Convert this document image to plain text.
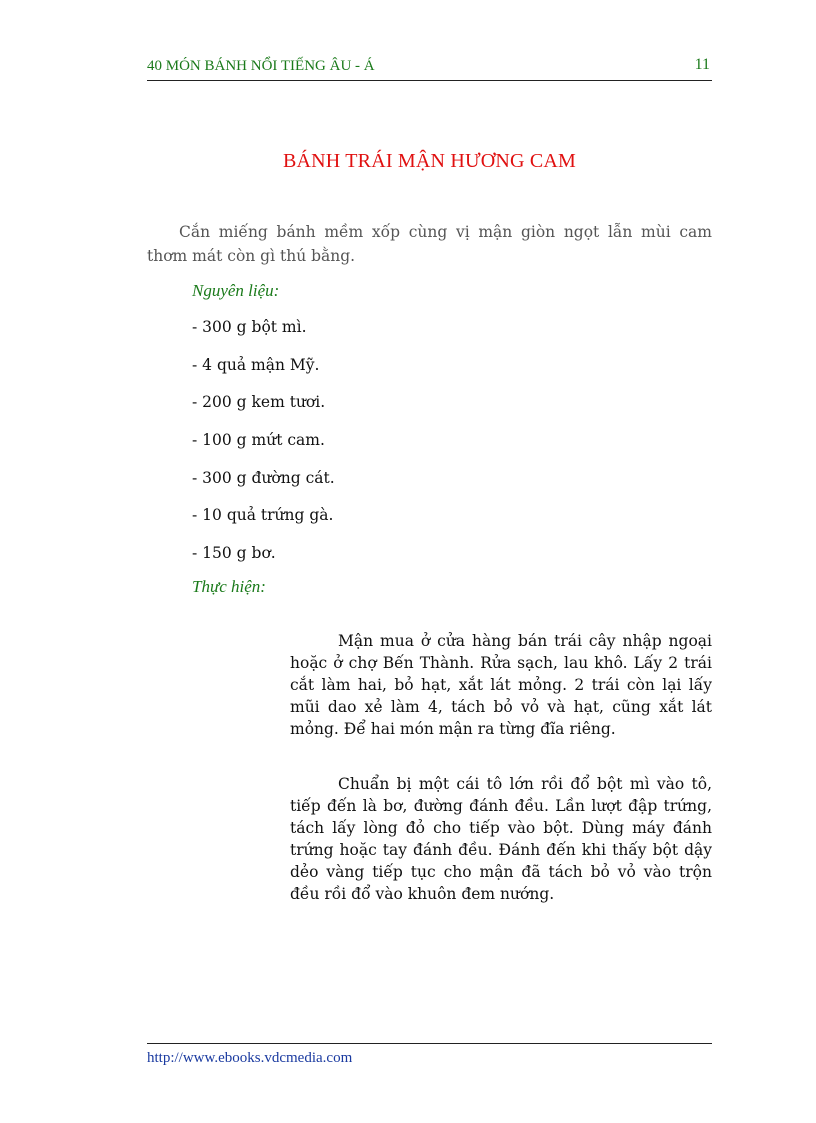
40 MÓN BÁNH NỔI TIẾNG ÂU - Á	11
BÁNH TRÁI MẬN HƯƠNG CAM

Cắn miếng bánh mềm xốp cùng vị mận giòn ngọt lẫn mùi cam thơm mát còn gì thú bằng.

Nguyên liệu:
- 300 g bột mì.
- 4 quả mận Mỹ.
- 200 g kem tươi.
- 100 g mứt cam.
- 300 g đường cát.
- 10 quả trứng gà.
- 150 g bơ.
Thực hiện:

Mận mua ở cửa hàng bán trái cây nhập ngoại hoặc ở chợ Bến Thành. Rửa sạch, lau khô. Lấy 2 trái cắt làm hai, bỏ hạt, xắt lát mỏng. 2 trái còn lại lấy mũi dao xẻ làm 4, tách bỏ vỏ và hạt, cũng xắt lát mỏng. Để hai món mận ra từng đĩa riêng.

Chuẩn bị một cái tô lớn rồi đổ bột mì vào tô, tiếp đến là bơ, đường đánh đều. Lần lượt đập trứng, tách lấy lòng đỏ cho tiếp vào bột. Dùng máy đánh trứng hoặc tay đánh đều. Đánh đến khi thấy bột dậy dẻo vàng tiếp tục cho mận đã tách bỏ vỏ vào trộn đều rồi đổ vào khuôn đem nướng.

http://www.ebooks.vdcmedia.com
